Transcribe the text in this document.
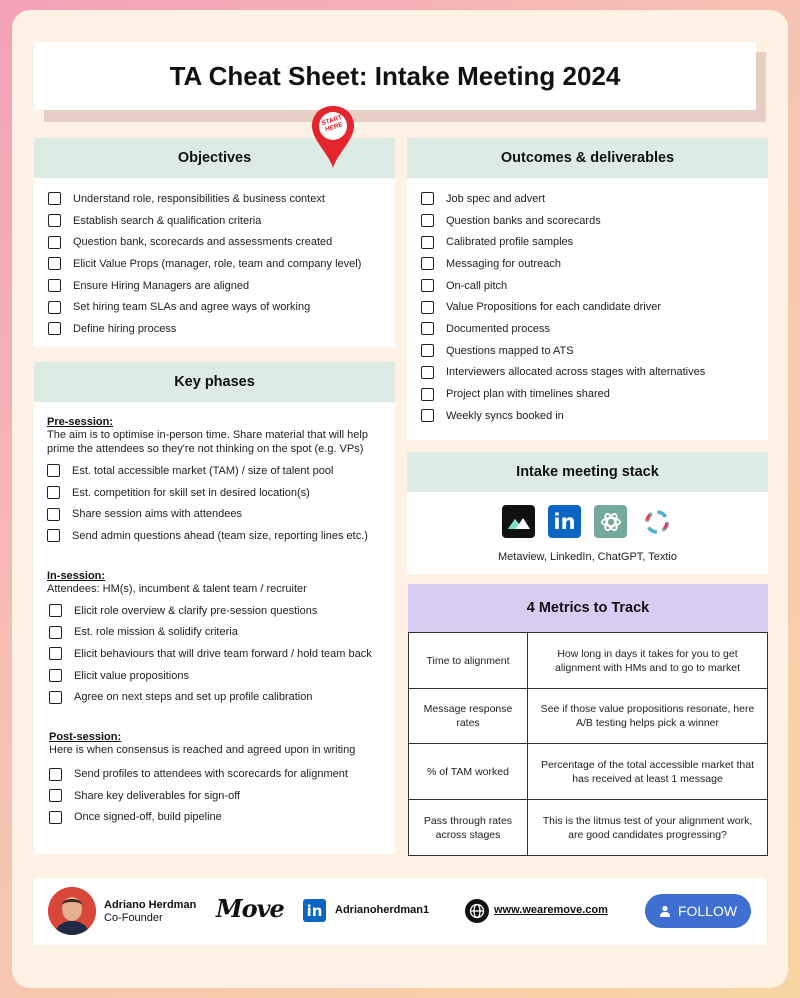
TA Cheat Sheet: Intake Meeting 2024
Objectives
Understand role, responsibilities & business context
Establish search & qualification criteria
Question bank, scorecards and assessments created
Elicit Value Props (manager, role, team and company level)
Ensure Hiring Managers are aligned
Set hiring team SLAs and agree ways of working
Define hiring process
START HERE
Outcomes & deliverables
Job spec and advert
Question banks and scorecards
Calibrated profile samples
Messaging for outreach
On-call pitch
Value Propositions for each candidate driver
Documented process
Questions mapped to ATS
Interviewers allocated across stages with alternatives
Project plan with timelines shared
Weekly syncs booked in
Key phases
Pre-session:
The aim is to optimise in-person time. Share material that will help prime the attendees so they're not thinking on the spot (e.g. VPs)
Est. total accessible market (TAM) / size of talent pool
Est. competition for skill set in desired location(s)
Share session aims with attendees
Send admin questions ahead (team size, reporting lines etc.)
In-session:
Attendees: HM(s), incumbent & talent team / recruiter
Elicit role overview & clarify pre-session questions
Est. role mission & solidify criteria
Elicit behaviours that will drive team forward / hold team back
Elicit value propositions
Agree on next steps and set up profile calibration
Post-session:
Here is when consensus is reached and agreed upon in writing
Send profiles to attendees with scorecards for alignment
Share key deliverables for sign-off
Once signed-off, build pipeline
Intake meeting stack
in
Metaview, LinkedIn, ChatGPT, Textio
4 Metrics to Track
Time to alignment	How long in days it takes for you to get alignment with HMs and to go to market
Message response rates	See if those value propositions resonate, here A/B testing helps pick a winner
% of TAM worked	Percentage of the total accessible market that has received at least 1 message
Pass through rates across stages	This is the litmus test of your alignment work, are good candidates progressing?
Adriano Herdman
Co-Founder Move in Adrianoherdman1	www.wearemove.com	FOLLOW
